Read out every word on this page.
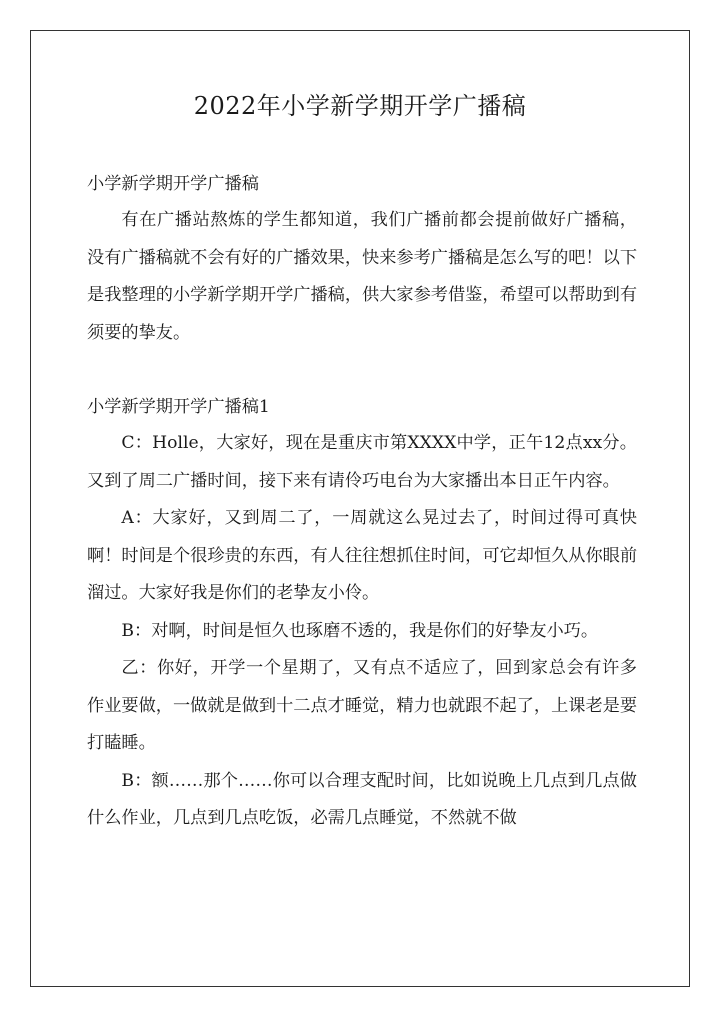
2022年小学新学期开学广播稿

小学新学期开学广播稿

有在广播站熬炼的学生都知道，我们广播前都会提前做好广播稿，没有广播稿就不会有好的广播效果，快来参考广播稿是怎么写的吧！以下是我整理的小学新学期开学广播稿，供大家参考借鉴，希望可以帮助到有须要的挚友。

小学新学期开学广播稿1

C：Holle，大家好，现在是重庆市第XXXX中学，正午12点xx分。又到了周二广播时间，接下来有请伶巧电台为大家播出本日正午内容。

A：大家好，又到周二了，一周就这么晃过去了，时间过得可真快啊！时间是个很珍贵的东西，有人往往想抓住时间，可它却恒久从你眼前溜过。大家好我是你们的老挚友小伶。

B：对啊，时间是恒久也琢磨不透的，我是你们的好挚友小巧。

乙：你好，开学一个星期了，又有点不适应了，回到家总会有许多作业要做，一做就是做到十二点才睡觉，精力也就跟不起了，上课老是要打瞌睡。

B：额……那个……你可以合理支配时间，比如说晚上几点到几点做什么作业，几点到几点吃饭，必需几点睡觉，不然就不做
